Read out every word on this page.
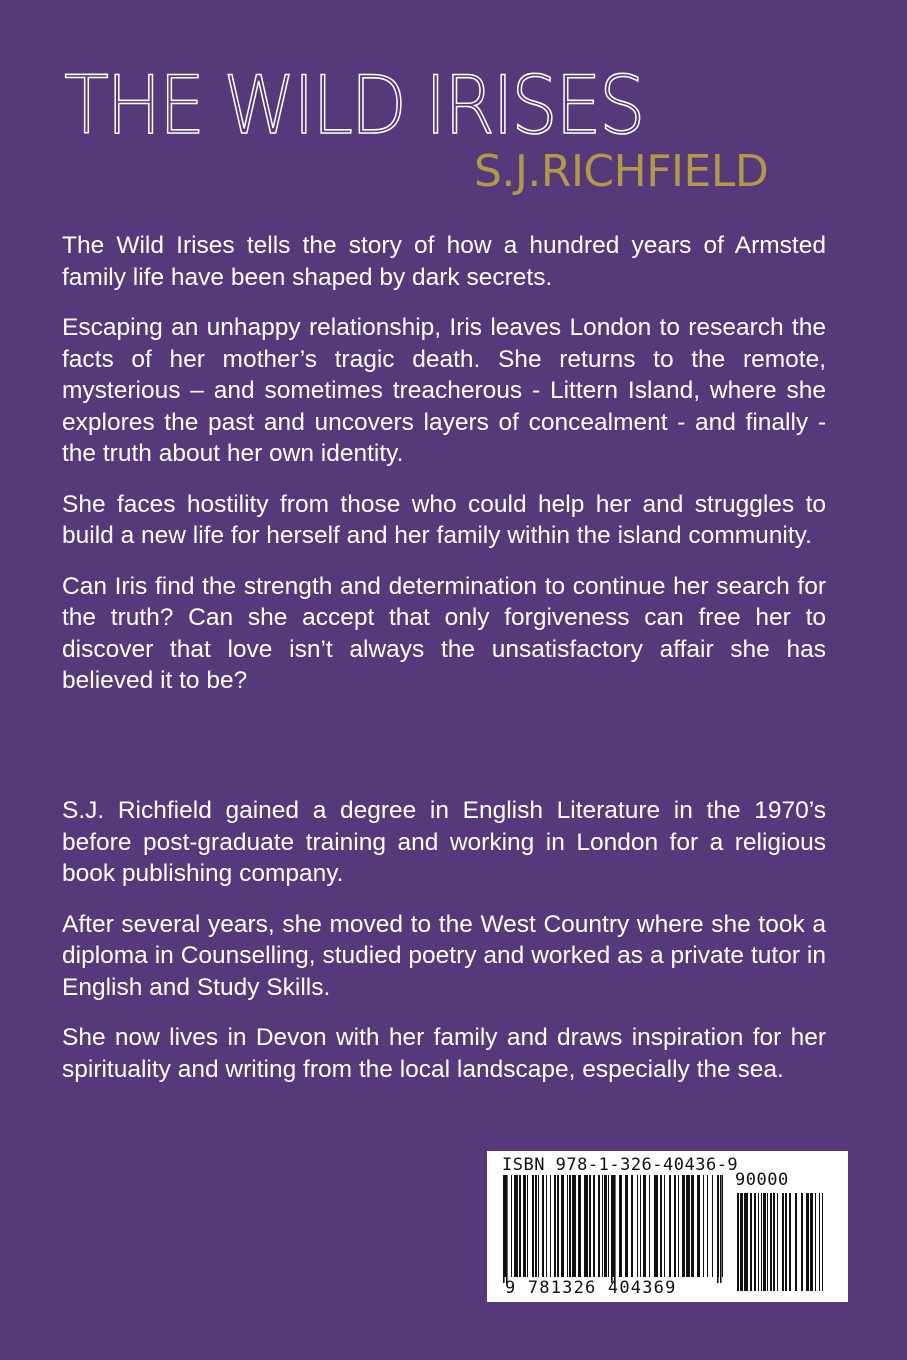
THE WILD IRISES
S.J.RICHFIELD

The Wild Irises tells the story of how a hundred years of Armsted family life have been shaped by dark secrets.

Escaping an unhappy relationship, Iris leaves London to research the facts of her mother’s tragic death. She returns to the remote, mysterious – and sometimes treacherous - Littern Island, where she explores the past and uncovers layers of concealment - and finally - the truth about her own identity.

She faces hostility from those who could help her and struggles to build a new life for herself and her family within the island community.

Can Iris find the strength and determination to continue her search for the truth? Can she accept that only forgiveness can free her to discover that love isn’t always the unsatisfactory affair she has believed it to be?

S.J. Richfield gained a degree in English Literature in the 1970’s before post-graduate training and working in London for a religious book publishing company.

After several years, she moved to the West Country where she took a diploma in Counselling, studied poetry and worked as a private tutor in English and Study Skills.

She now lives in Devon with her family and draws inspiration for her spirituality and writing from the local landscape, especially the sea.

ISBN 978-1-326-40436-9
90000
9 781326 404369
